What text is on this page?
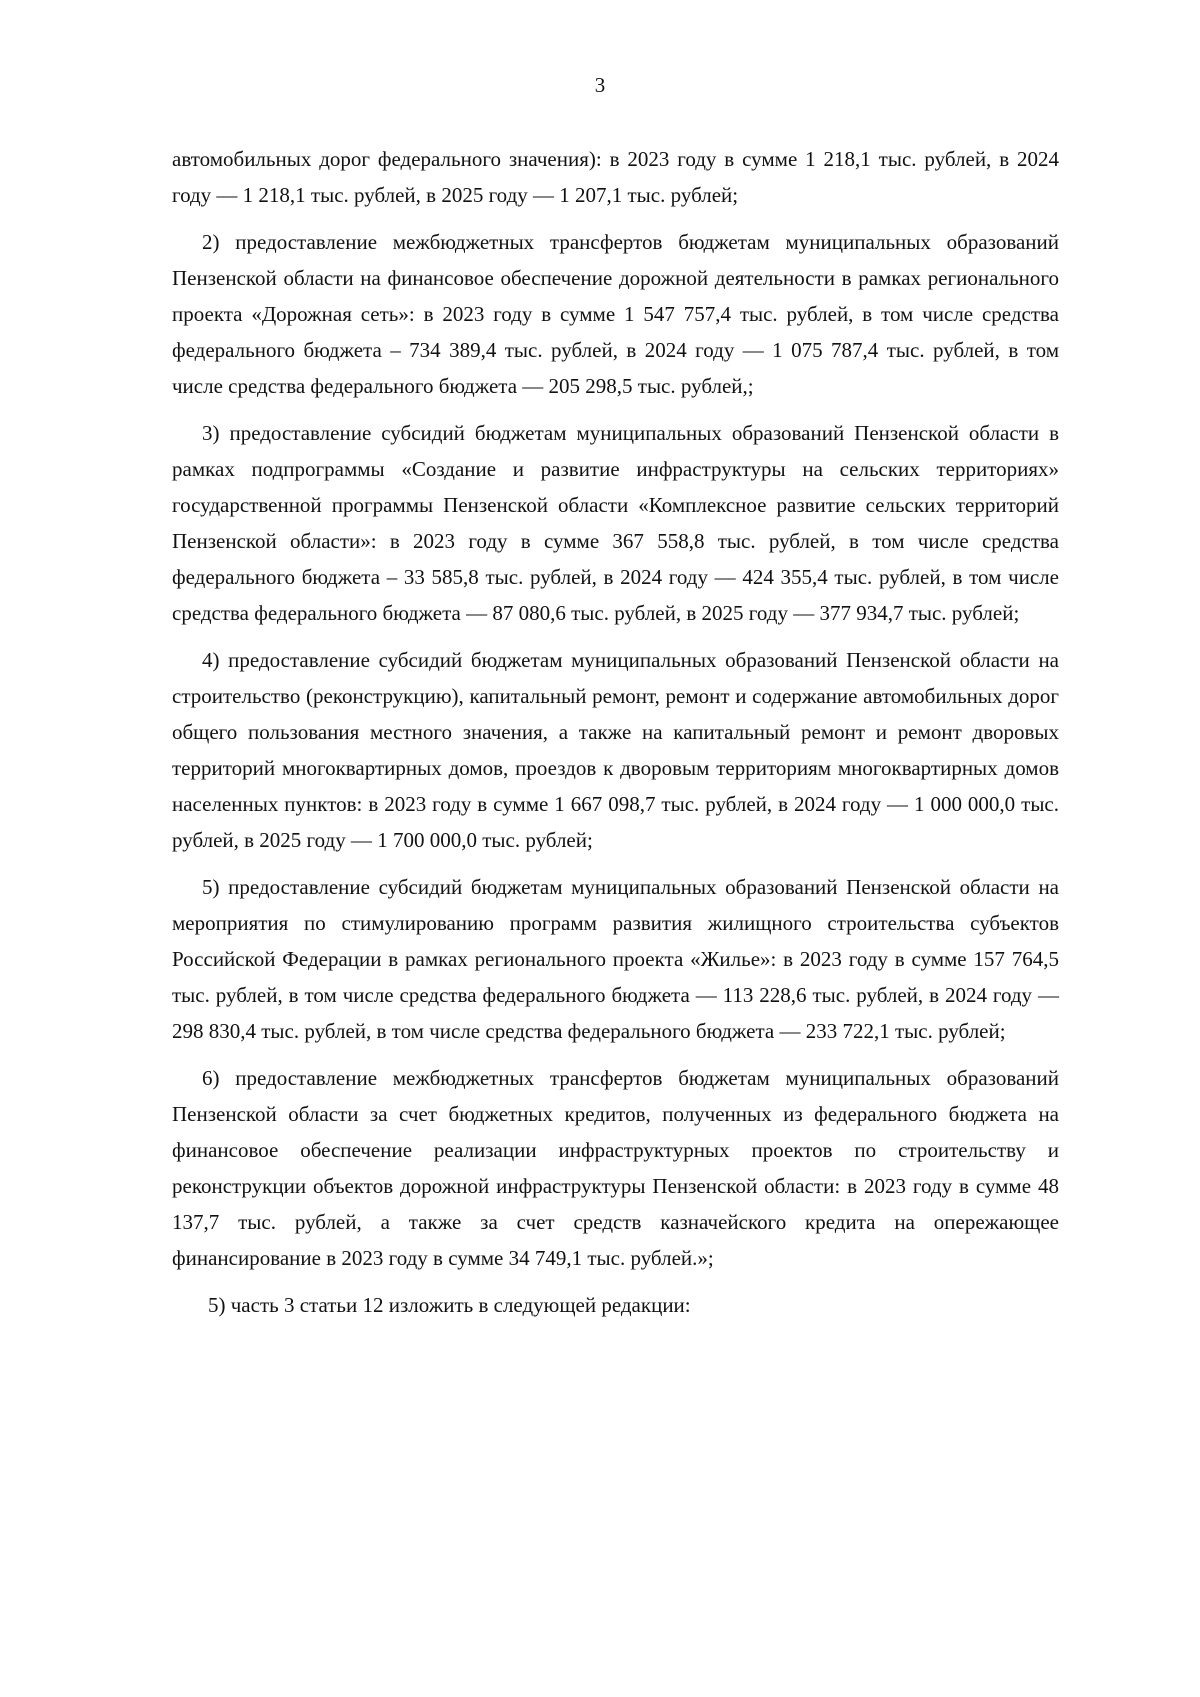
3

автомобильных дорог федерального значения): в 2023 году в сумме 1 218,1 тыс. рублей, в 2024 году — 1 218,1 тыс. рублей, в 2025 году — 1 207,1 тыс. рублей;

2) предоставление межбюджетных трансфертов бюджетам муниципальных образований Пензенской области на финансовое обеспечение дорожной деятельности в рамках регионального проекта «Дорожная сеть»: в 2023 году в сумме 1 547 757,4 тыс. рублей, в том числе средства федерального бюджета – 734 389,4 тыс. рублей, в 2024 году — 1 075 787,4 тыс. рублей, в том числе средства федерального бюджета — 205 298,5 тыс. рублей,;

3) предоставление субсидий бюджетам муниципальных образований Пензенской области в рамках подпрограммы «Создание и развитие инфраструктуры на сельских территориях» государственной программы Пензенской области «Комплексное развитие сельских территорий Пензенской области»: в 2023 году в сумме 367 558,8 тыс. рублей, в том числе средства федерального бюджета – 33 585,8 тыс. рублей, в 2024 году — 424 355,4 тыс. рублей, в том числе средства федерального бюджета — 87 080,6 тыс. рублей, в 2025 году — 377 934,7 тыс. рублей;

4) предоставление субсидий бюджетам муниципальных образований Пензенской области на строительство (реконструкцию), капитальный ремонт, ремонт и содержание автомобильных дорог общего пользования местного значения, а также на капитальный ремонт и ремонт дворовых территорий многоквартирных домов, проездов к дворовым территориям многоквартирных домов населенных пунктов: в 2023 году в сумме 1 667 098,7 тыс. рублей, в 2024 году — 1 000 000,0 тыс. рублей, в 2025 году — 1 700 000,0 тыс. рублей;

5) предоставление субсидий бюджетам муниципальных образований Пензенской области на мероприятия по стимулированию программ развития жилищного строительства субъектов Российской Федерации в рамках регионального проекта «Жилье»: в 2023 году в сумме 157 764,5 тыс. рублей, в том числе средства федерального бюджета — 113 228,6 тыс. рублей, в 2024 году — 298 830,4 тыс. рублей, в том числе средства федерального бюджета — 233 722,1 тыс. рублей;

6) предоставление межбюджетных трансфертов бюджетам муниципальных образований Пензенской области за счет бюджетных кредитов, полученных из федерального бюджета на финансовое обеспечение реализации инфраструктурных проектов по строительству и реконструкции объектов дорожной инфраструктуры Пензенской области: в 2023 году в сумме 48 137,7 тыс. рублей, а также за счет средств казначейского кредита на опережающее финансирование в 2023 году в сумме 34 749,1 тыс. рублей.»;

5) часть 3 статьи 12 изложить в следующей редакции:
